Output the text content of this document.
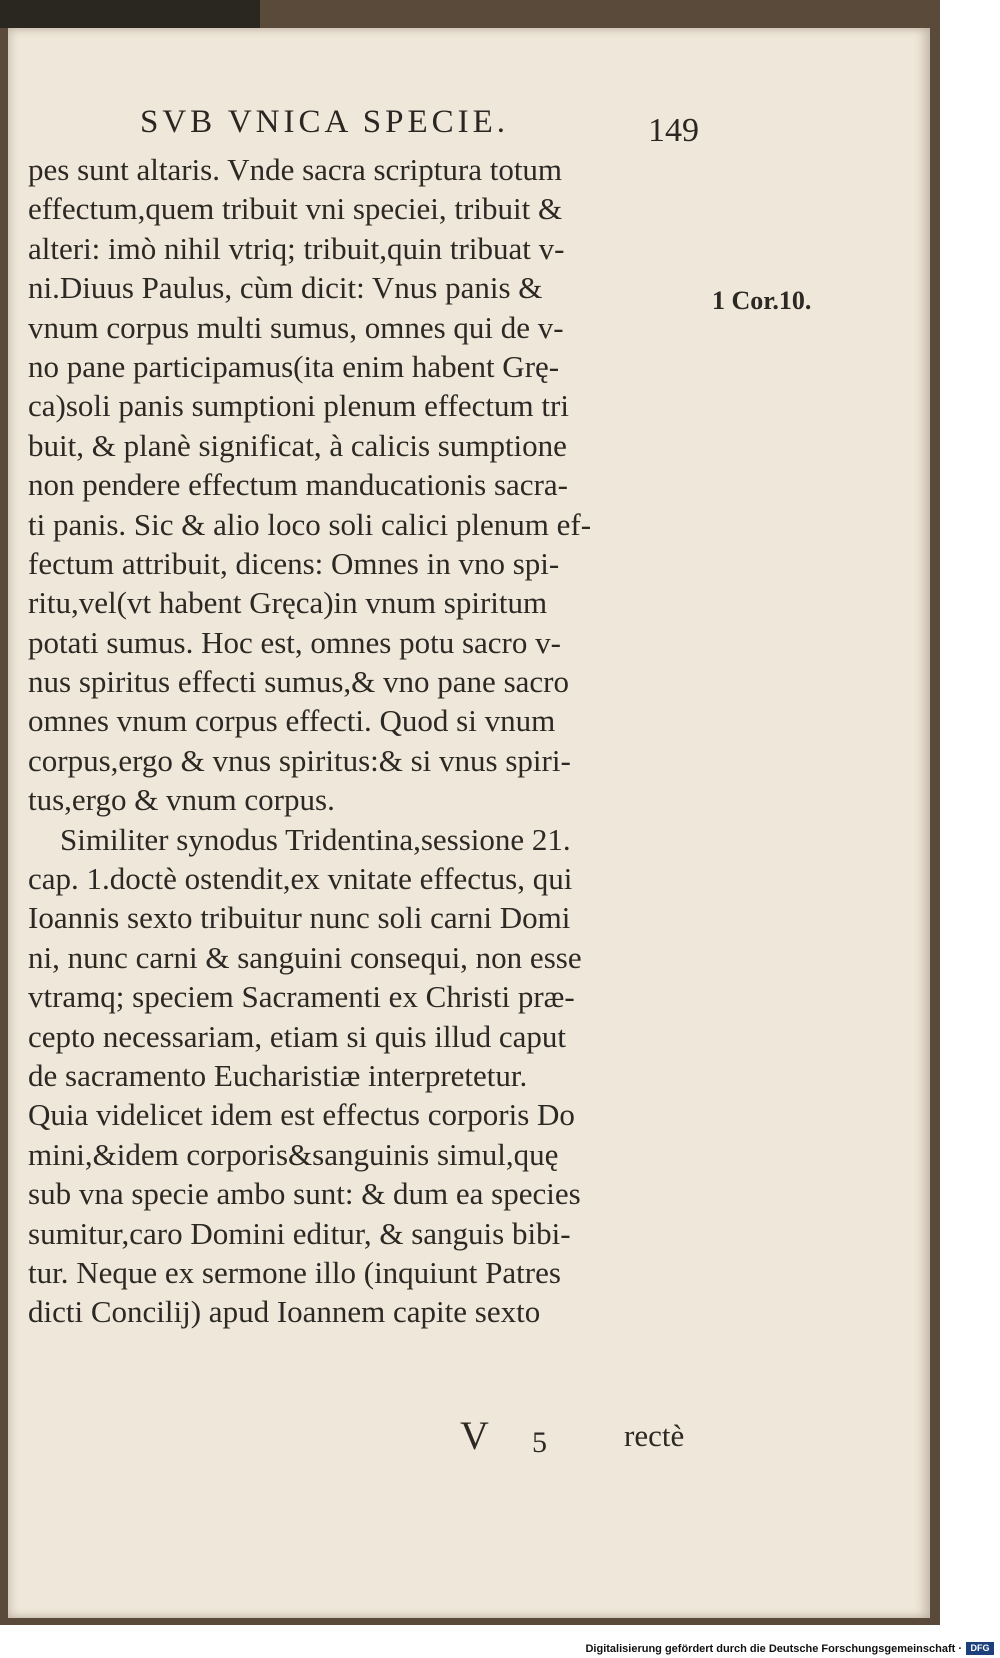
SVB VNICA SPECIE.	149
pes sunt altaris. Vnde sacra scriptura totum
effectum,quem tribuit vni speciei, tribuit &
alteri: imò nihil vtriq; tribuit,quin tribuat v-
ni.Diuus Paulus, cùm dicit: Vnus panis &
vnum corpus multi sumus, omnes qui de v-
no pane participamus(ita enim habent Grę-
ca)soli panis sumptioni plenum effectum tri
buit, & planè significat, à calicis sumptione
non pendere effectum manducationis sacra-
ti panis. Sic & alio loco soli calici plenum ef-
fectum attribuit, dicens: Omnes in vno spi-
ritu,vel(vt habent Gręca)in vnum spiritum
potati sumus. Hoc est, omnes potu sacro v-
nus spiritus effecti sumus,& vno pane sacro
omnes vnum corpus effecti. Quod si vnum
corpus,ergo & vnus spiritus:& si vnus spiri-
tus,ergo & vnum corpus.
Similiter synodus Tridentina,sessione 21.
cap. 1.doctè ostendit,ex vnitate effectus, qui
Ioannis sexto tribuitur nunc soli carni Domi
ni, nunc carni & sanguini consequi, non esse
vtramq; speciem Sacramenti ex Christi præ-
cepto necessariam, etiam si quis illud caput
de sacramento Eucharistiæ interpretetur.
Quia videlicet idem est effectus corporis Do
mini,&idem corporis&sanguinis simul,quę
sub vna specie ambo sunt: & dum ea species
sumitur,caro Domini editur, & sanguis bibi-
tur. Neque ex sermone illo (inquiunt Patres
dicti Concilij) apud Ioannem capite sexto
1 Cor.10.
V 5 rectè
Digitalisierung gefördert durch die Deutsche Forschungsgemeinschaft · DFG
